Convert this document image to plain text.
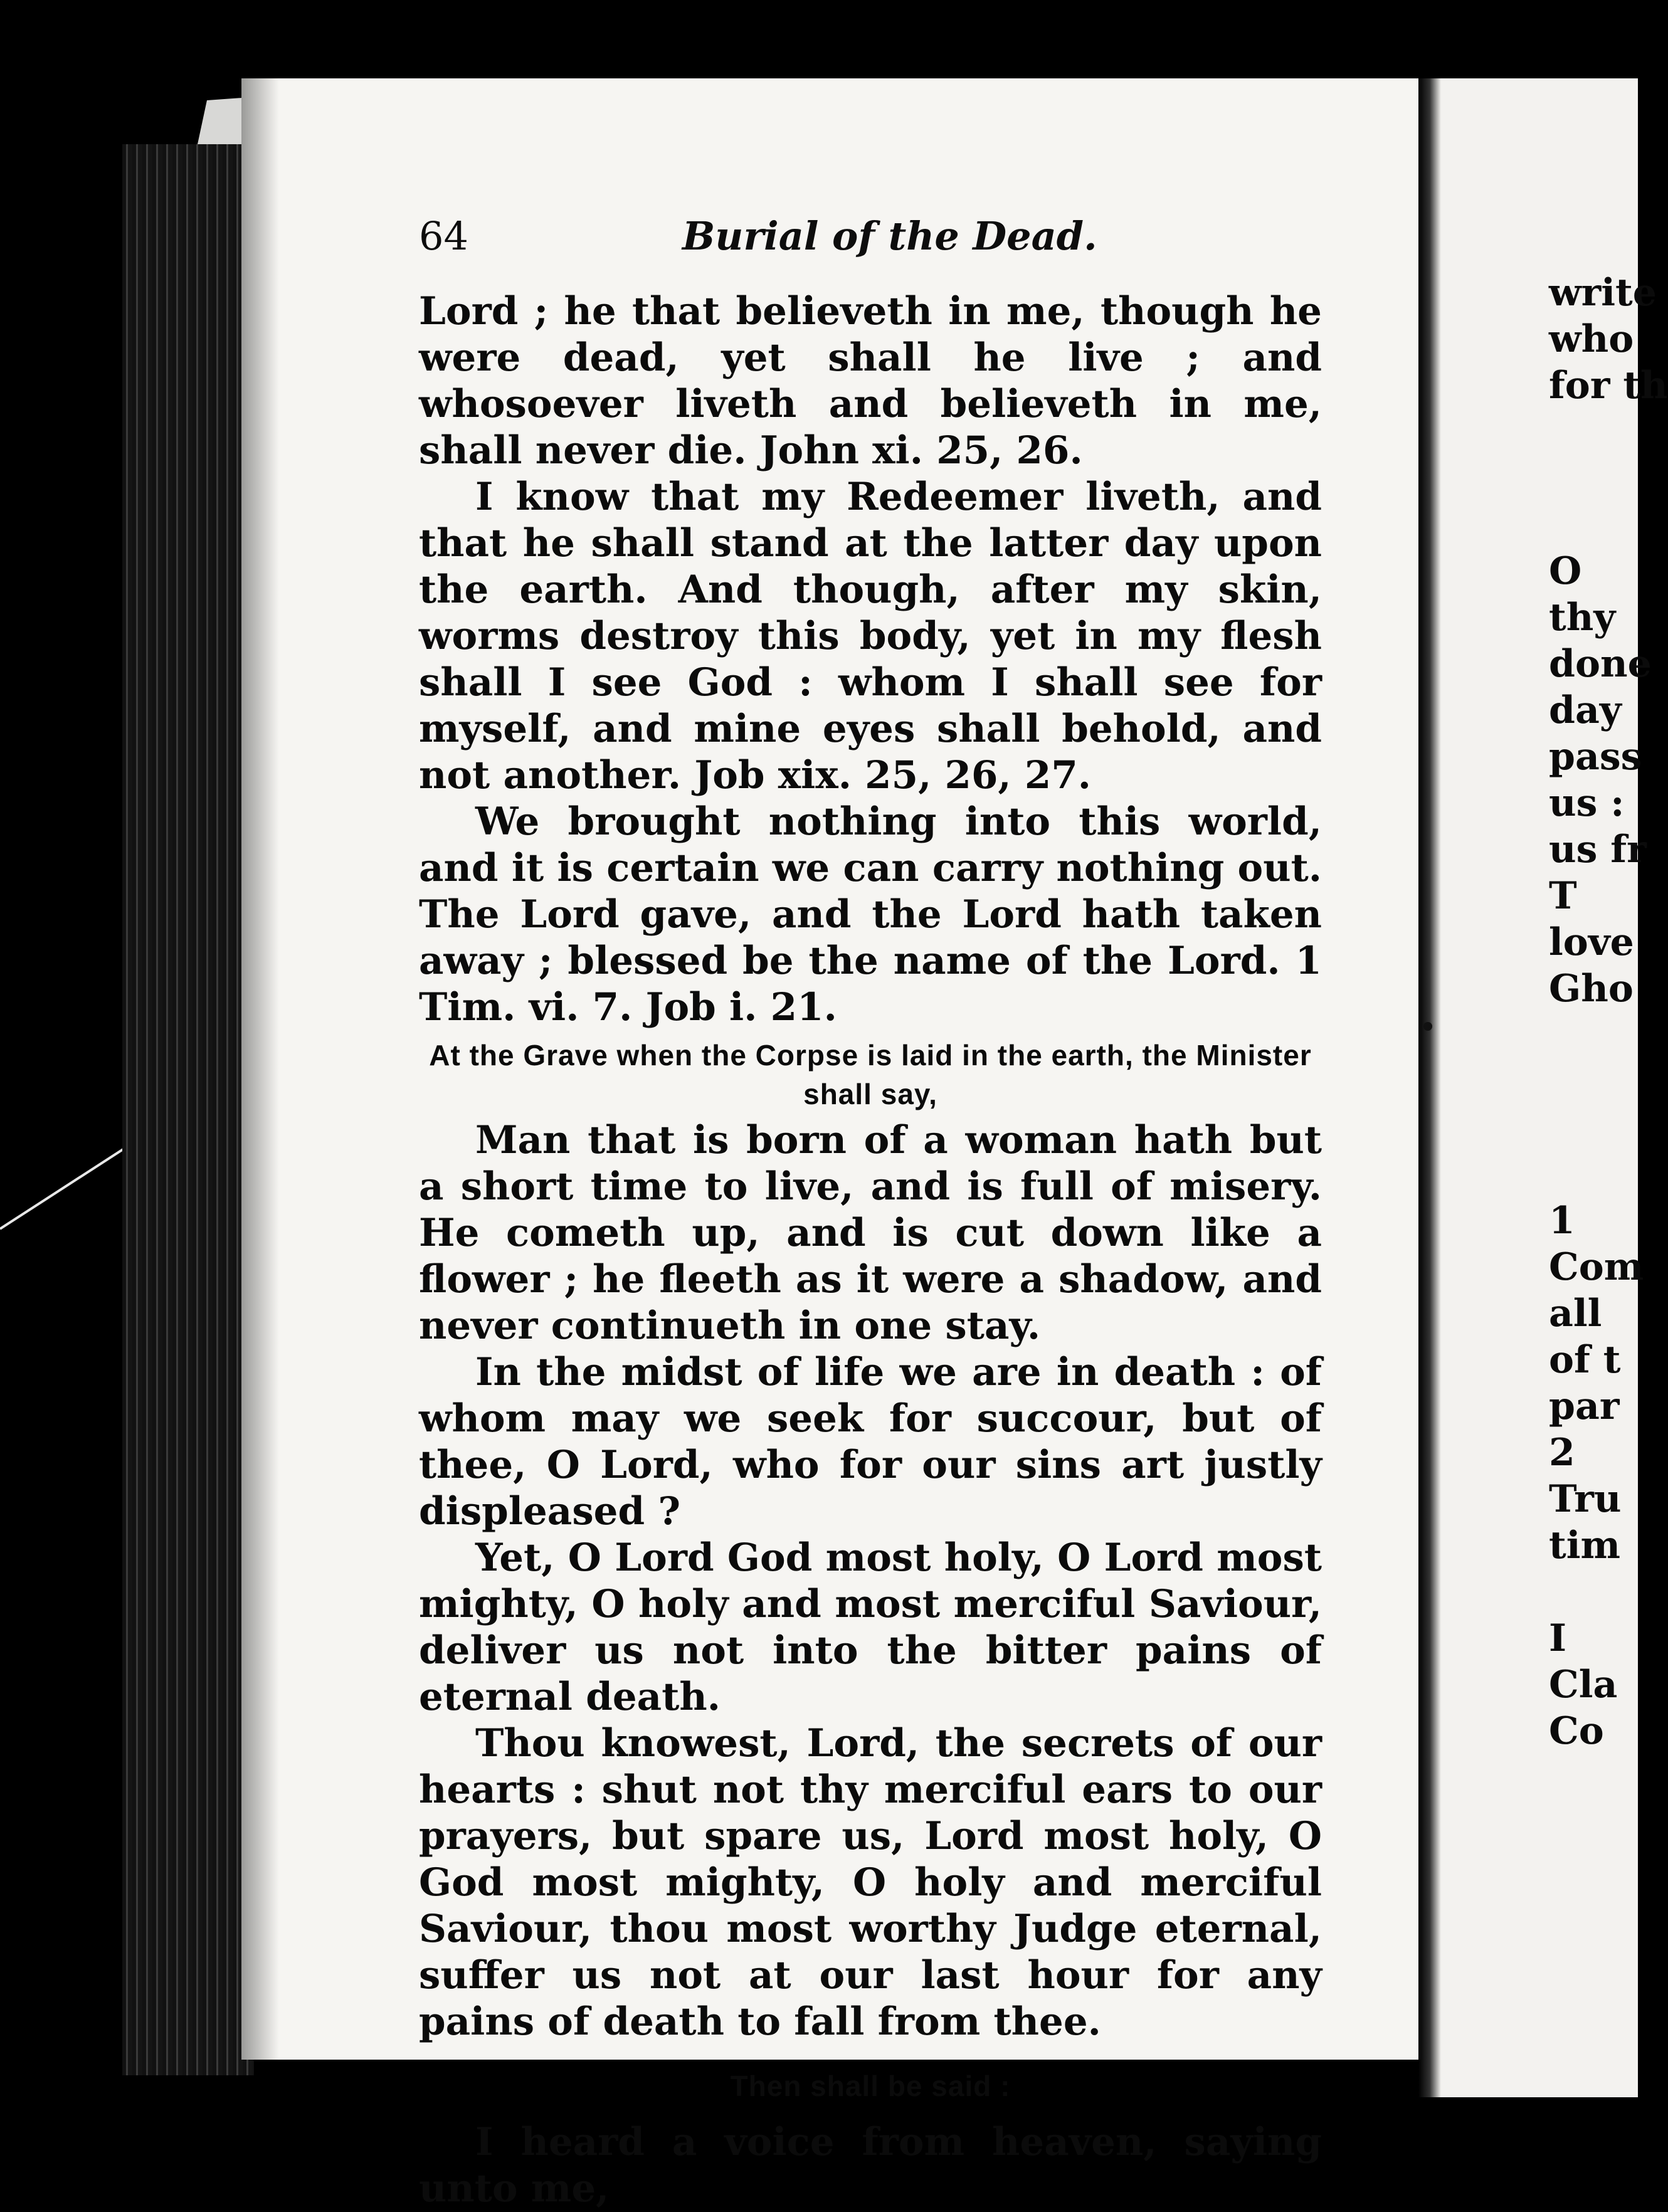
64	Burial of the Dead.

Lord ; he that believeth in me, though he were dead, yet shall he live ; and whosoever liveth and believeth in me, shall never die. John xi. 25, 26.

I know that my Redeemer liveth, and that he shall stand at the latter day upon the earth. And though, after my skin, worms destroy this body, yet in my flesh shall I see God : whom I shall see for myself, and mine eyes shall behold, and not another. Job xix. 25, 26, 27.

We brought nothing into this world, and it is certain we can carry nothing out. The Lord gave, and the Lord hath taken away ; blessed be the name of the Lord. 1 Tim. vi. 7. Job i. 21.

At the Grave when the Corpse is laid in the earth, the Minister shall say,

Man that is born of a woman hath but a short time to live, and is full of misery. He cometh up, and is cut down like a flower ; he fleeth as it were a shadow, and never continueth in one stay.

In the midst of life we are in death : of whom may we seek for succour, but of thee, O Lord, who for our sins art justly displeased ?

Yet, O Lord God most holy, O Lord most mighty, O holy and most merciful Saviour, deliver us not into the bitter pains of eternal death.

Thou knowest, Lord, the secrets of our hearts : shut not thy merciful ears to our prayers, but spare us, Lord most holy, O God most mighty, O holy and merciful Saviour, thou most worthy Judge eternal, suffer us not at our last hour for any pains of death to fall from thee.

Then shall be said :

I heard a voice from heaven, saying unto me,

write
who
for th
O
thy
done
day
pass
us :
us fr
T
love
Gho
1
Com
all
of t
par
2
Tru
tim
I
Cla
Co
